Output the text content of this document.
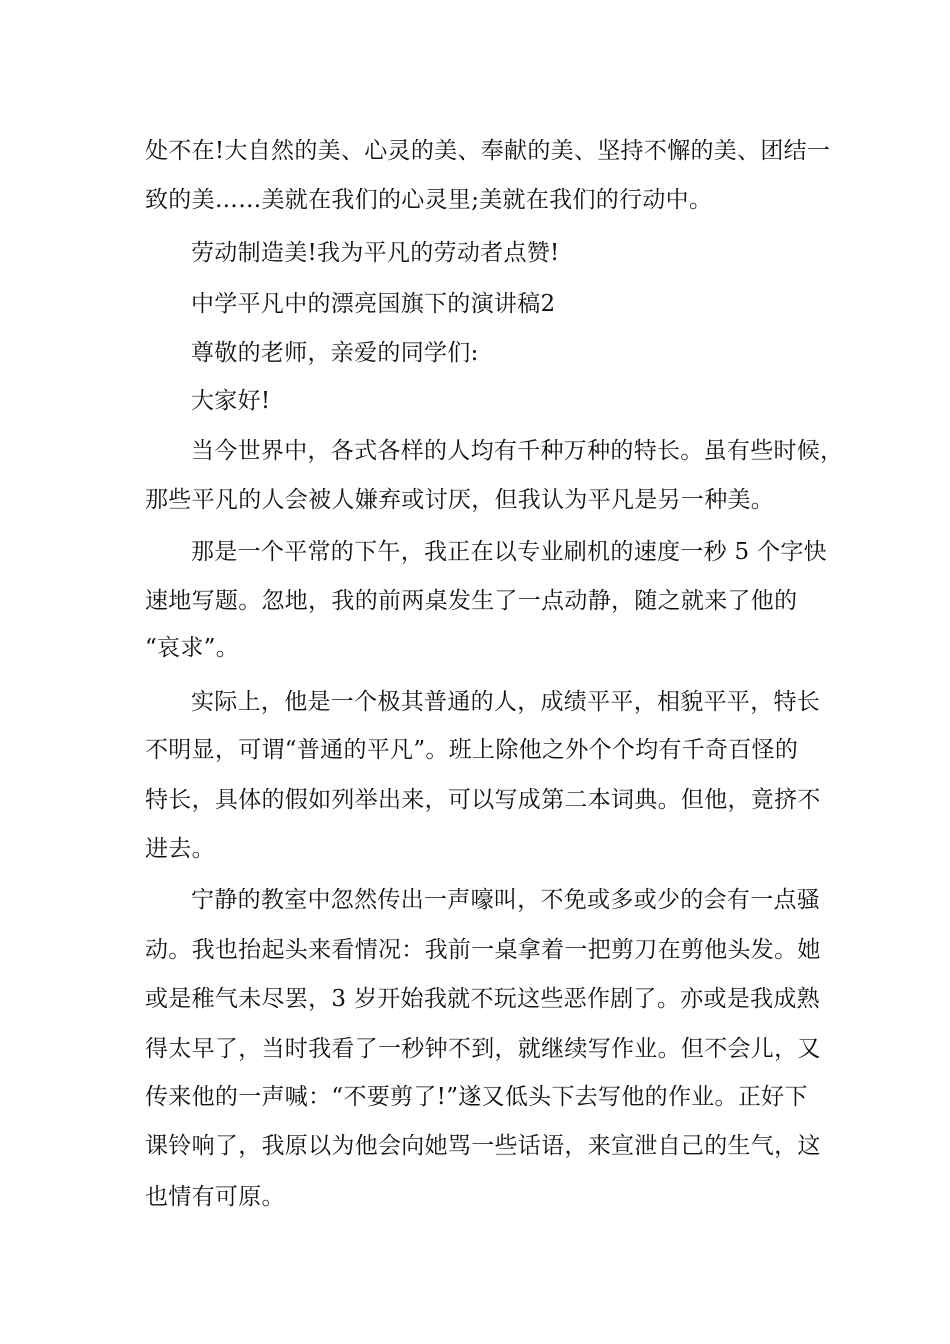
处不在!大自然的美、心灵的美、奉献的美、坚持不懈的美、团结一
致的美……美就在我们的心灵里;美就在我们的行动中。
劳动制造美!我为平凡的劳动者点赞!
中学平凡中的漂亮国旗下的演讲稿2
尊敬的老师，亲爱的同学们:
大家好!
当今世界中，各式各样的人均有千种万种的特长。虽有些时候，
那些平凡的人会被人嫌弃或讨厌，但我认为平凡是另一种美。
那是一个平常的下午，我正在以专业刷机的速度一秒 5 个字快
速地写题。忽地，我的前两桌发生了一点动静，随之就来了他的
“哀求”。
实际上，他是一个极其普通的人，成绩平平，相貌平平，特长
不明显，可谓“普通的平凡”。班上除他之外个个均有千奇百怪的
特长，具体的假如列举出来，可以写成第二本词典。但他，竟挤不
进去。
宁静的教室中忽然传出一声嚎叫，不免或多或少的会有一点骚
动。我也抬起头来看情况：我前一桌拿着一把剪刀在剪他头发。她
或是稚气未尽罢，3 岁开始我就不玩这些恶作剧了。亦或是我成熟
得太早了，当时我看了一秒钟不到，就继续写作业。但不会儿，又
传来他的一声喊：“不要剪了!”遂又低头下去写他的作业。正好下
课铃响了，我原以为他会向她骂一些话语，来宣泄自己的生气，这
也情有可原。
